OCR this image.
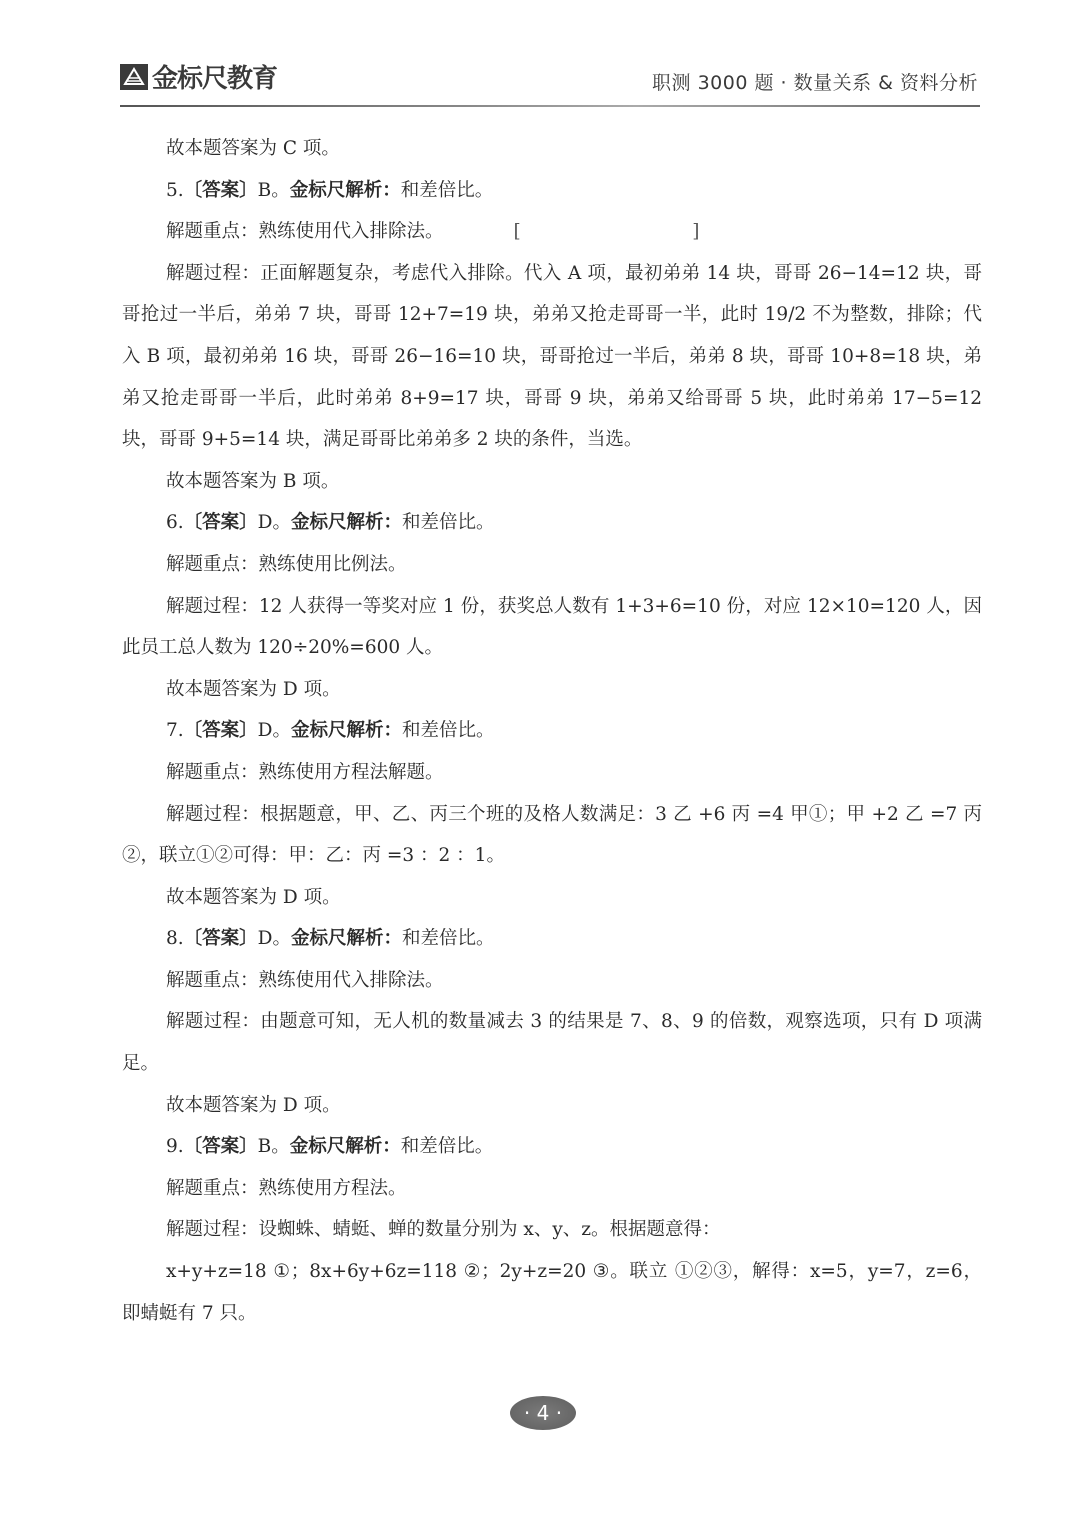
金标尺教育	职测 3000 题 · 数量关系 & 资料分析

故本题答案为 C 项。

5.〔答案〕B。金标尺解析：和差倍比。

解题重点：熟练使用代入排除法。	[	]

解题过程：正面解题复杂，考虑代入排除。代入 A 项，最初弟弟 14 块，哥哥 26−14=12 块，哥哥抢过一半后，弟弟 7 块，哥哥 12+7=19 块，弟弟又抢走哥哥一半，此时 19/2 不为整数，排除；代入 B 项，最初弟弟 16 块，哥哥 26−16=10 块，哥哥抢过一半后，弟弟 8 块，哥哥 10+8=18 块，弟弟又抢走哥哥一半后，此时弟弟 8+9=17 块，哥哥 9 块，弟弟又给哥哥 5 块，此时弟弟 17−5=12 块，哥哥 9+5=14 块，满足哥哥比弟弟多 2 块的条件，当选。

故本题答案为 B 项。

6.〔答案〕D。金标尺解析：和差倍比。

解题重点：熟练使用比例法。

解题过程：12 人获得一等奖对应 1 份，获奖总人数有 1+3+6=10 份，对应 12×10=120 人，因此员工总人数为 120÷20%=600 人。

故本题答案为 D 项。

7.〔答案〕D。金标尺解析：和差倍比。

解题重点：熟练使用方程法解题。

解题过程：根据题意，甲、乙、丙三个班的及格人数满足：3 乙 +6 丙 =4 甲①；甲 +2 乙 =7 丙②，联立①②可得：甲：乙：丙 =3 ：2 ：1。

故本题答案为 D 项。

8.〔答案〕D。金标尺解析：和差倍比。

解题重点：熟练使用代入排除法。

解题过程：由题意可知，无人机的数量减去 3 的结果是 7、8、9 的倍数，观察选项，只有 D 项满足。

故本题答案为 D 项。

9.〔答案〕B。金标尺解析：和差倍比。

解题重点：熟练使用方程法。

解题过程：设蜘蛛、蜻蜓、蝉的数量分别为 x、y、z。根据题意得：

x+y+z=18 ①；8x+6y+6z=118 ②；2y+z=20 ③。联立 ①②③，解得：x=5，y=7，z=6，即蜻蜓有 7 只。

· 4 ·
